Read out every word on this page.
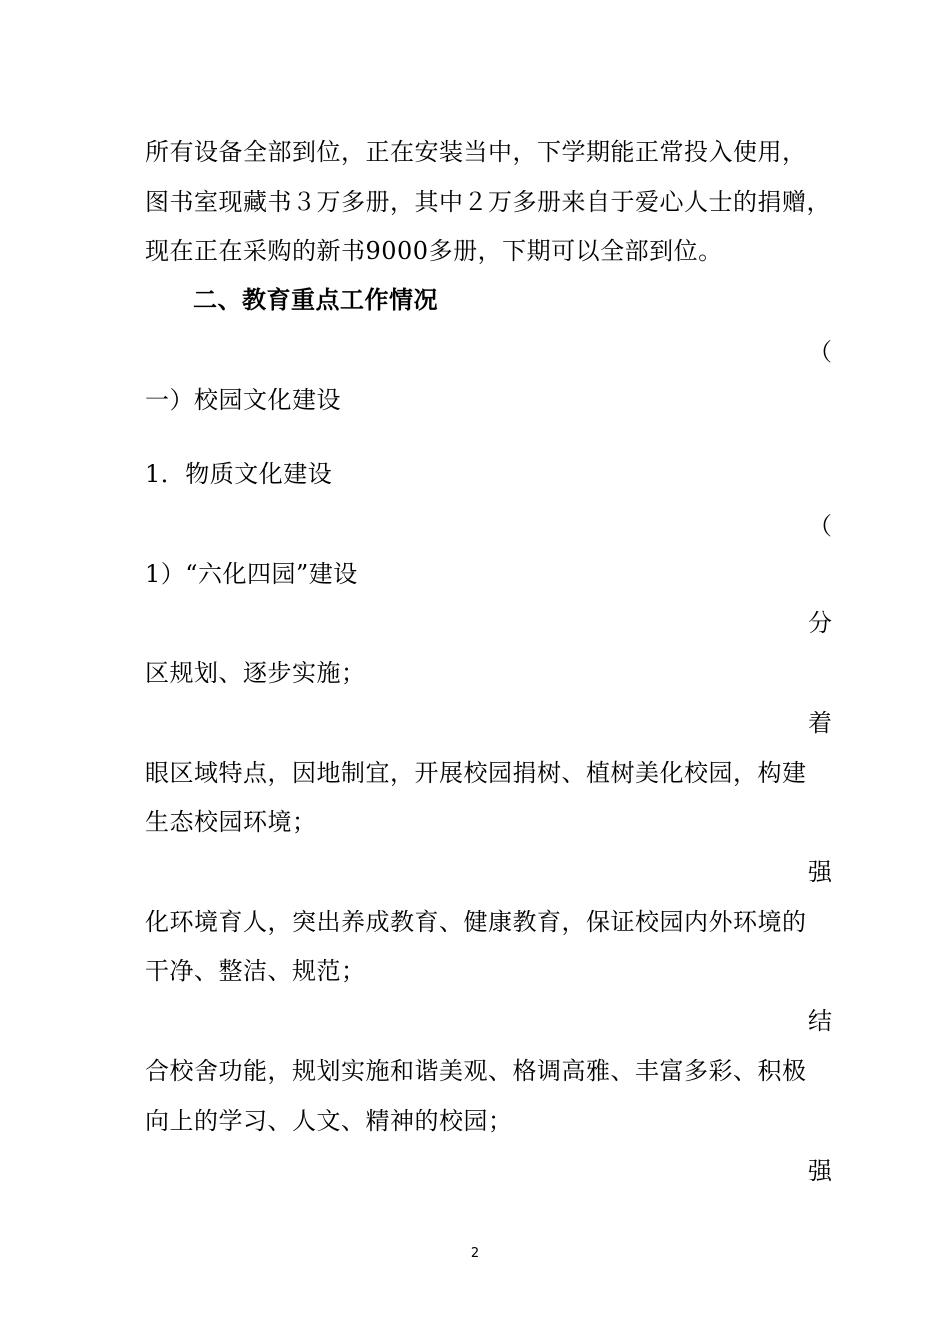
所有设备全部到位，正在安装当中，下学期能正常投入使用，
图书室现藏书３万多册，其中２万多册来自于爱心人士的捐赠，
现在正在采购的新书9000多册，下期可以全部到位。
二、教育重点工作情况
（
一）校园文化建设
1．物质文化建设
（
1）“六化四园”建设
分
区规划、逐步实施；
着
眼区域特点，因地制宜，开展校园捐树、植树美化校园，构建
生态校园环境；
强
化环境育人，突出养成教育、健康教育，保证校园内外环境的
干净、整洁、规范；
结
合校舍功能，规划实施和谐美观、格调高雅、丰富多彩、积极
向上的学习、人文、精神的校园；
强
2
